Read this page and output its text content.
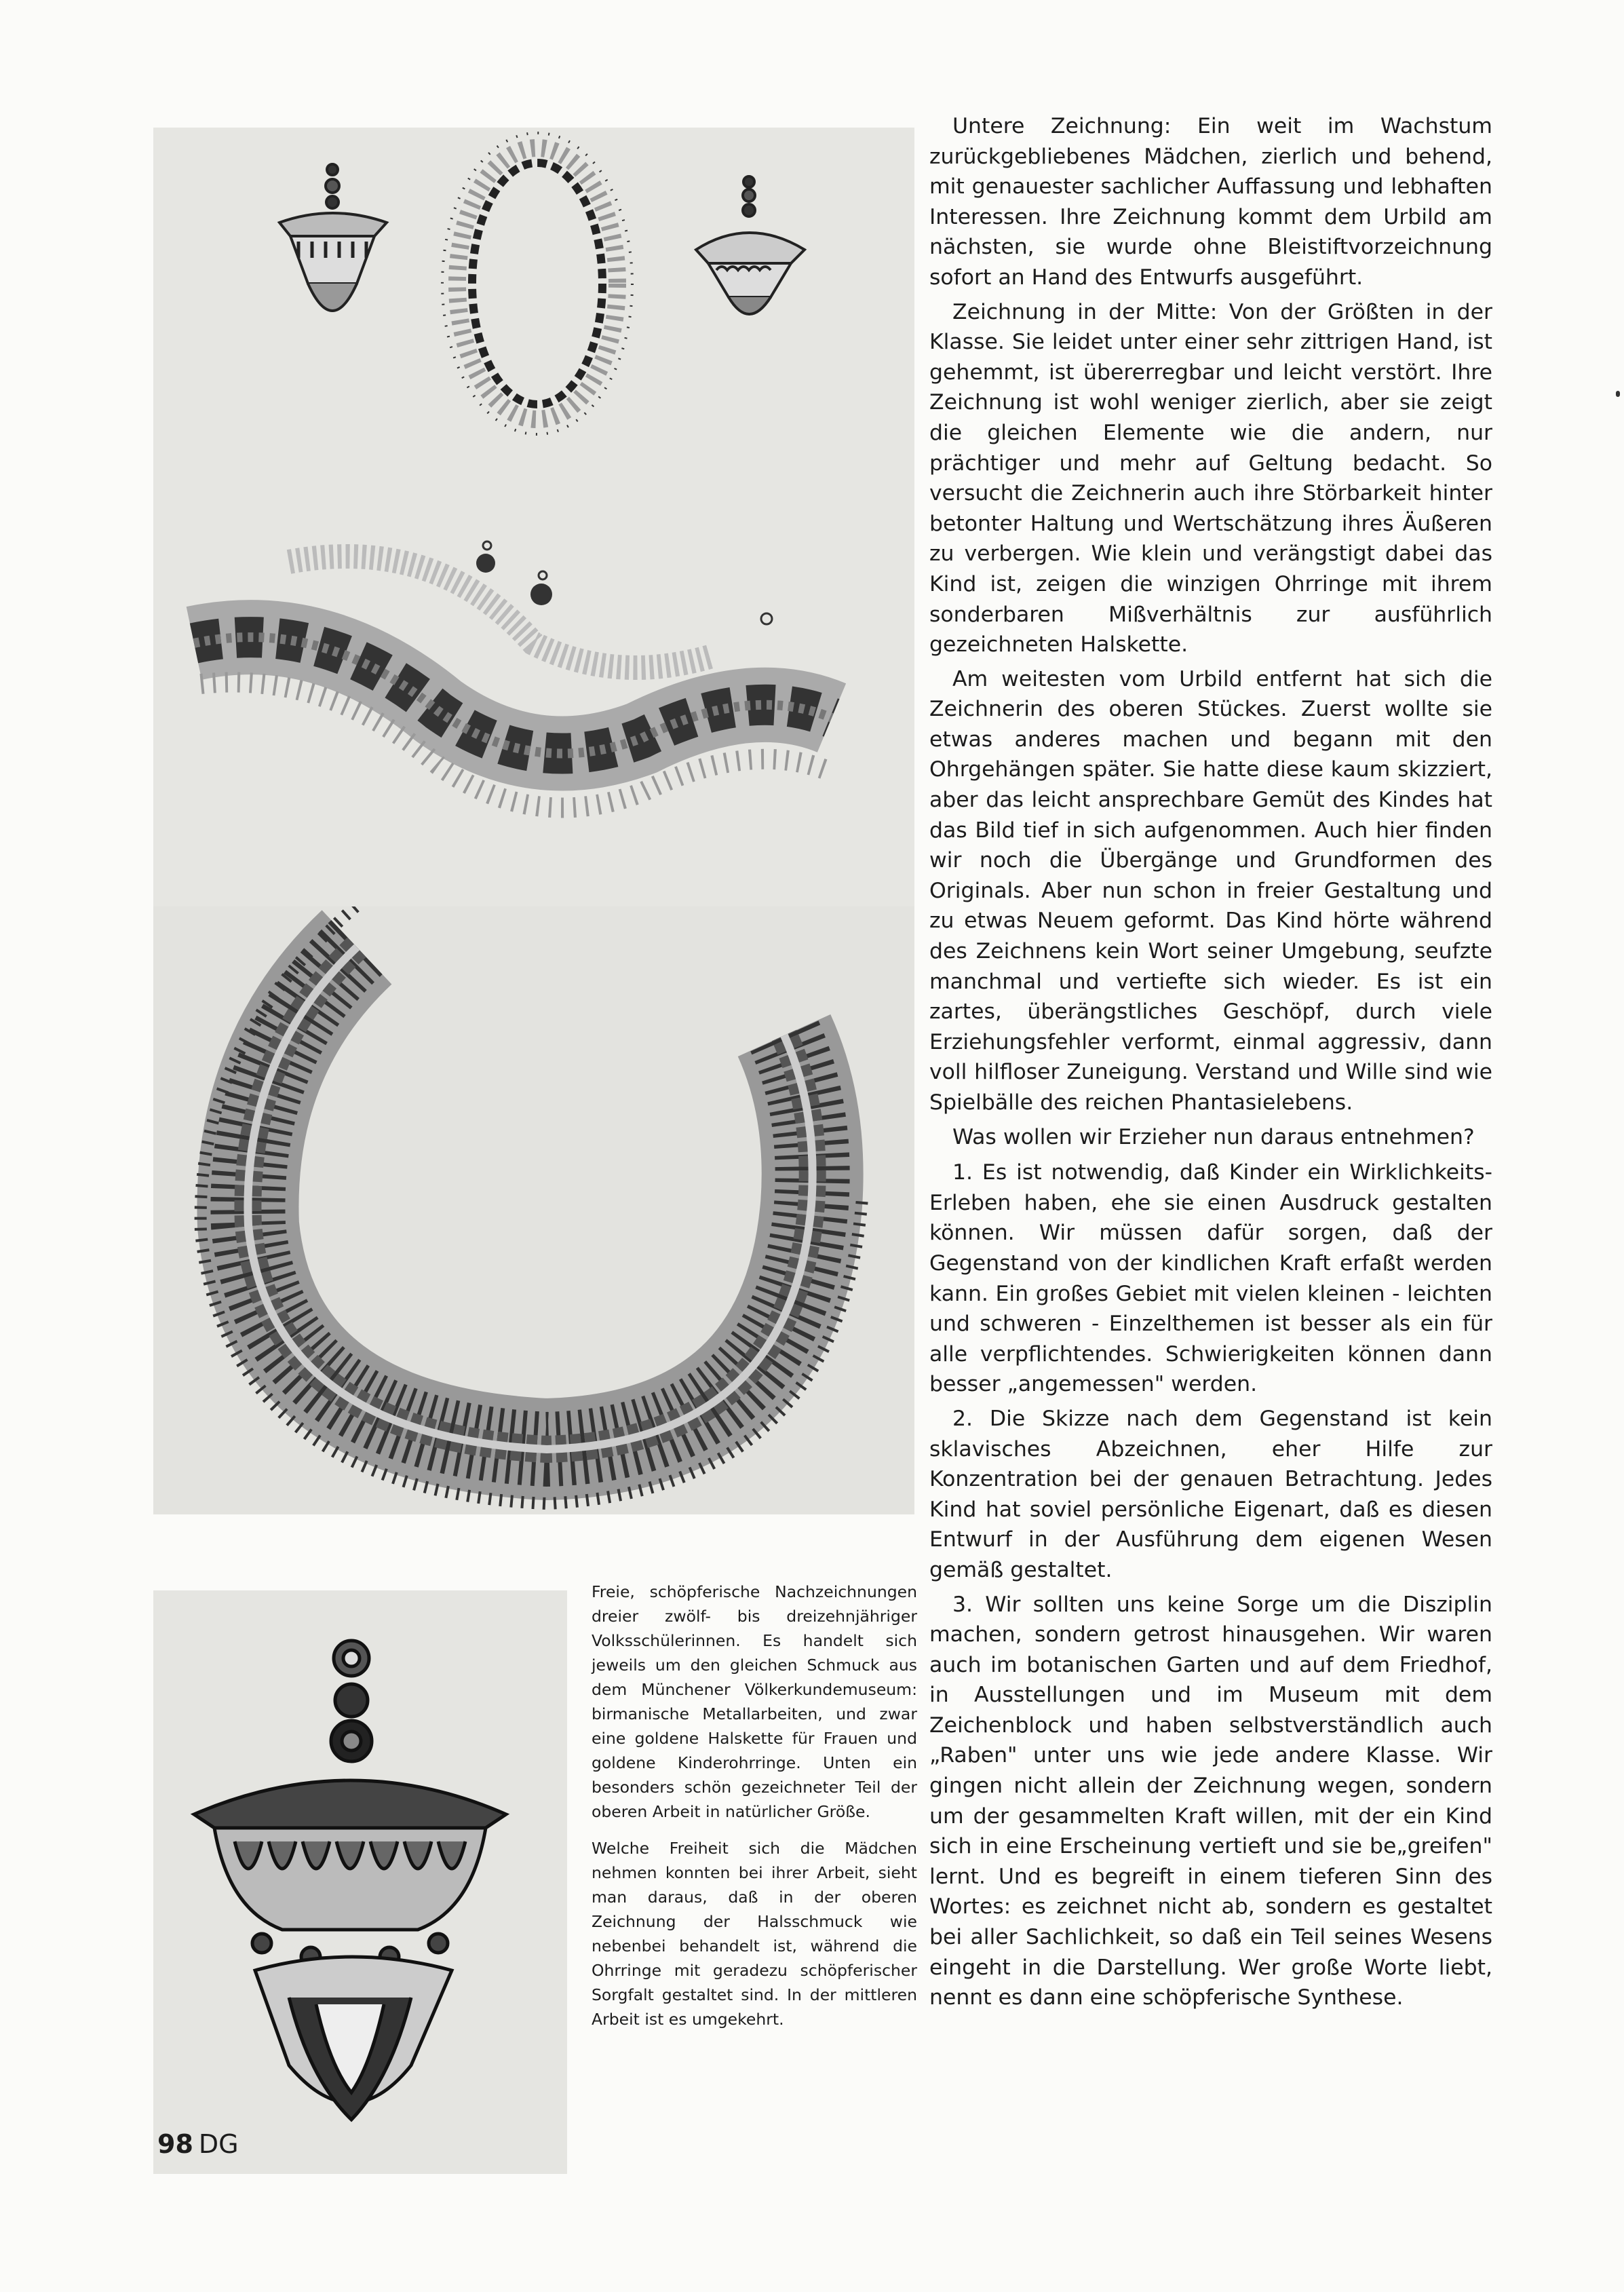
Freie, schöpferische Nachzeichnungen dreier zwölf- bis dreizehnjähriger Volksschülerinnen. Es handelt sich jeweils um den gleichen Schmuck aus dem Münchener Völkerkundemuseum: birmanische Metallarbeiten, und zwar eine goldene Halskette für Frauen und goldene Kinderohrringe. Unten ein besonders schön gezeichneter Teil der oberen Arbeit in natürlicher Größe.

Welche Freiheit sich die Mädchen nehmen konnten bei ihrer Arbeit, sieht man daraus, daß in der oberen Zeichnung der Halsschmuck wie nebenbei behandelt ist, während die Ohrringe mit geradezu schöpferischer Sorgfalt gestaltet sind. In der mittleren Arbeit ist es umgekehrt.

Untere Zeichnung: Ein weit im Wachstum zurückgebliebenes Mädchen, zierlich und behend, mit genauester sachlicher Auffassung und lebhaften Interessen. Ihre Zeichnung kommt dem Urbild am nächsten, sie wurde ohne Bleistiftvorzeichnung sofort an Hand des Entwurfs ausgeführt.

Zeichnung in der Mitte: Von der Größten in der Klasse. Sie leidet unter einer sehr zittrigen Hand, ist gehemmt, ist übererregbar und leicht verstört. Ihre Zeichnung ist wohl weniger zierlich, aber sie zeigt die gleichen Elemente wie die andern, nur prächtiger und mehr auf Geltung bedacht. So versucht die Zeichnerin auch ihre Störbarkeit hinter betonter Haltung und Wertschätzung ihres Äußeren zu verbergen. Wie klein und verängstigt dabei das Kind ist, zeigen die winzigen Ohrringe mit ihrem sonderbaren Mißverhältnis zur ausführlich gezeichneten Halskette.

Am weitesten vom Urbild entfernt hat sich die Zeichnerin des oberen Stückes. Zuerst wollte sie etwas anderes machen und begann mit den Ohrgehängen später. Sie hatte diese kaum skizziert, aber das leicht ansprechbare Gemüt des Kindes hat das Bild tief in sich aufgenommen. Auch hier finden wir noch die Übergänge und Grundformen des Originals. Aber nun schon in freier Gestaltung und zu etwas Neuem geformt. Das Kind hörte während des Zeichnens kein Wort seiner Umgebung, seufzte manchmal und vertiefte sich wieder. Es ist ein zartes, überängstliches Geschöpf, durch viele Erziehungsfehler verformt, einmal aggressiv, dann voll hilfloser Zuneigung. Verstand und Wille sind wie Spielbälle des reichen Phantasielebens.

Was wollen wir Erzieher nun daraus entnehmen?

1. Es ist notwendig, daß Kinder ein Wirklichkeits-Erleben haben, ehe sie einen Ausdruck gestalten können. Wir müssen dafür sorgen, daß der Gegenstand von der kindlichen Kraft erfaßt werden kann. Ein großes Gebiet mit vielen kleinen - leichten und schweren - Einzelthemen ist besser als ein für alle verpflichtendes. Schwierigkeiten können dann besser „angemessen" werden.

2. Die Skizze nach dem Gegenstand ist kein sklavisches Abzeichnen, eher Hilfe zur Konzentration bei der genauen Betrachtung. Jedes Kind hat soviel persönliche Eigenart, daß es diesen Entwurf in der Ausführung dem eigenen Wesen gemäß gestaltet.

3. Wir sollten uns keine Sorge um die Disziplin machen, sondern getrost hinausgehen. Wir waren auch im botanischen Garten und auf dem Friedhof, in Ausstellungen und im Museum mit dem Zeichenblock und haben selbstverständlich auch „Raben" unter uns wie jede andere Klasse. Wir gingen nicht allein der Zeichnung wegen, sondern um der gesammelten Kraft willen, mit der ein Kind sich in eine Erscheinung vertieft und sie be„greifen" lernt. Und es begreift in einem tieferen Sinn des Wortes: es zeichnet nicht ab, sondern es gestaltet bei aller Sachlichkeit, so daß ein Teil seines Wesens eingeht in die Darstellung. Wer große Worte liebt, nennt es dann eine schöpferische Synthese.

98 DG
